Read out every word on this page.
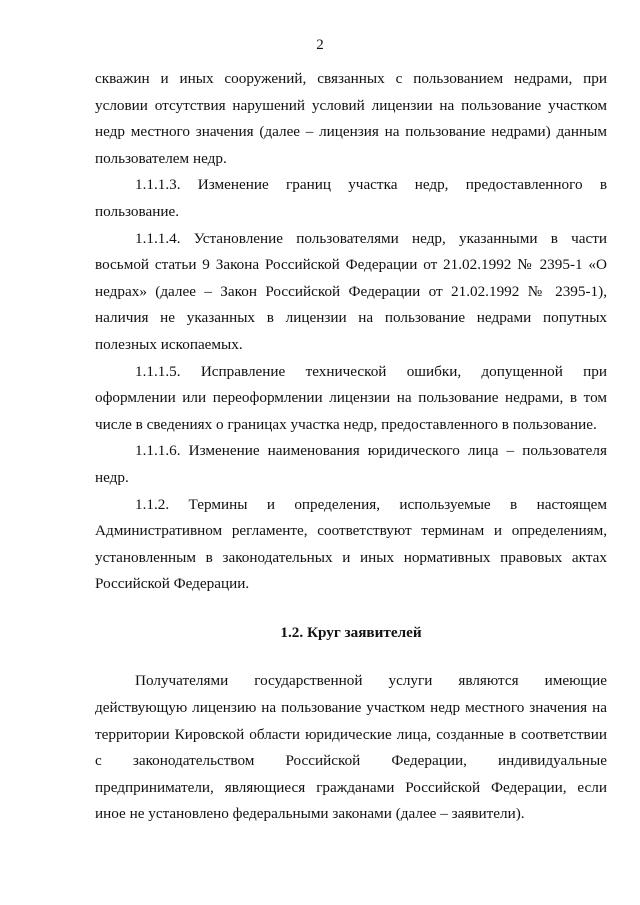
2
скважин и иных сооружений, связанных с пользованием недрами, при
условии отсутствия нарушений условий лицензии на пользование участком
недр местного значения (далее – лицензия на пользование недрами) данным
пользователем недр.
1.1.1.3. Изменение границ участка недр, предоставленного в
пользование.
1.1.1.4. Установление пользователями недр, указанными в части
восьмой статьи 9 Закона Российской Федерации от 21.02.1992 № 2395-1 «О
недрах» (далее – Закон Российской Федерации от 21.02.1992 № 2395-1),
наличия не указанных в лицензии на пользование недрами попутных
полезных ископаемых.
1.1.1.5. Исправление технической ошибки, допущенной при
оформлении или переоформлении лицензии на пользование недрами, в том
числе в сведениях о границах участка недр, предоставленного в пользование.
1.1.1.6. Изменение наименования юридического лица – пользователя
недр.
1.1.2. Термины и определения, используемые в настоящем
Административном регламенте, соответствуют терминам и определениям,
установленным в законодательных и иных нормативных правовых актах
Российской Федерации.
1.2. Круг заявителей
Получателями государственной услуги являются имеющие
действующую лицензию на пользование участком недр местного значения на
территории Кировской области юридические лица, созданные в соответствии
с законодательством Российской Федерации, индивидуальные
предприниматели, являющиеся гражданами Российской Федерации, если
иное не установлено федеральными законами (далее – заявители).
